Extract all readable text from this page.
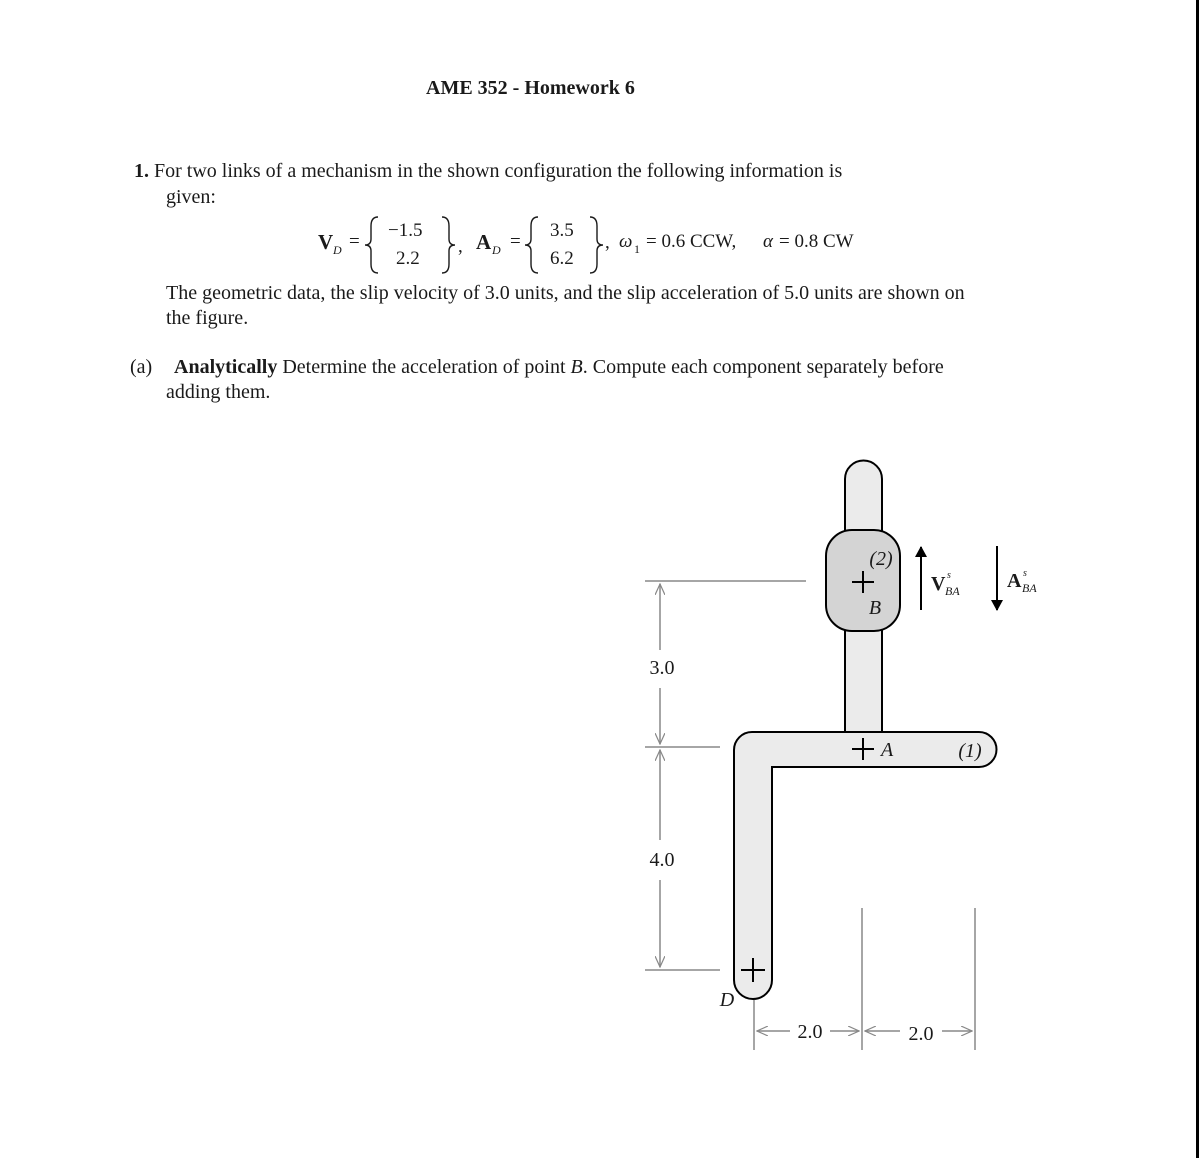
AME 352 - Homework 6
1. For two links of a mechanism in the shown configuration the following information is
given:
V D =
−1.5
2.2
, A D =
3.5
6.2
, ω 1 = 0.6 CCW, α = 0.8 CW
The geometric data, the slip velocity of 3.0 units, and the slip acceleration of 5.0 units are shown on
the figure.
(a)	Analytically Determine the acceleration of point B. Compute each component separately before
adding them.
3.0
4.0
2.0	2.0
(2)
B
A	(1)
D
V s
BA A s
BA
